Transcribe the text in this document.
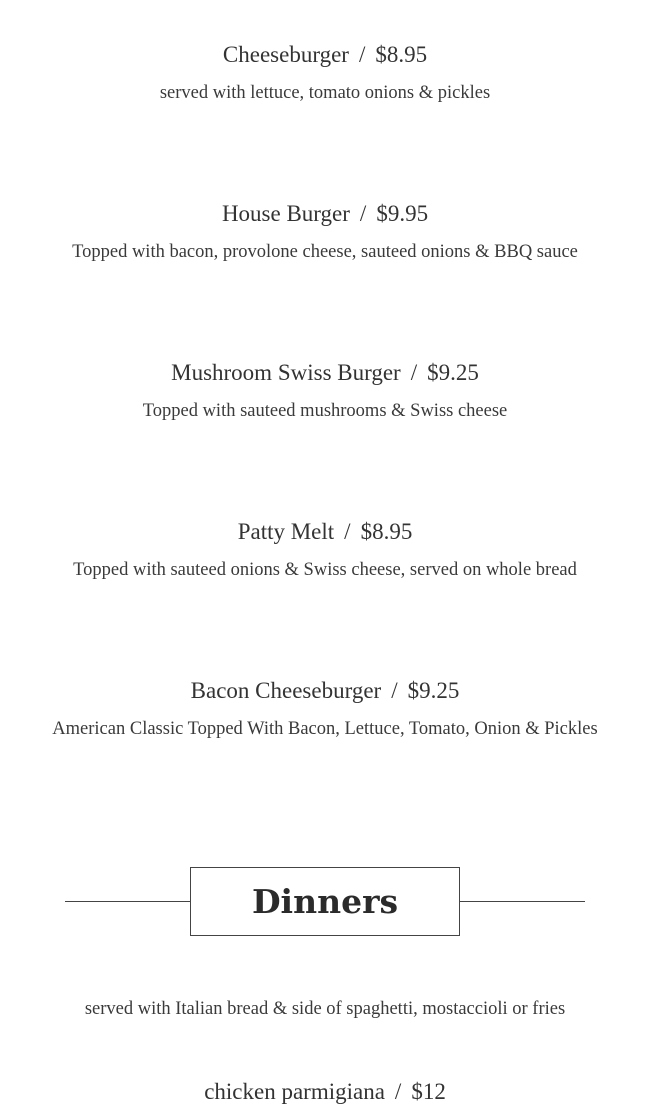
Cheeseburger / $8.95
served with lettuce, tomato onions & pickles
House Burger / $9.95
Topped with bacon, provolone cheese, sauteed onions & BBQ sauce
Mushroom Swiss Burger / $9.25
Topped with sauteed mushrooms & Swiss cheese
Patty Melt / $8.95
Topped with sauteed onions & Swiss cheese, served on whole bread
Bacon Cheeseburger / $9.25
American Classic Topped With Bacon, Lettuce, Tomato, Onion & Pickles
Dinners
served with Italian bread & side of spaghetti, mostaccioli or fries
chicken parmigiana / $12
